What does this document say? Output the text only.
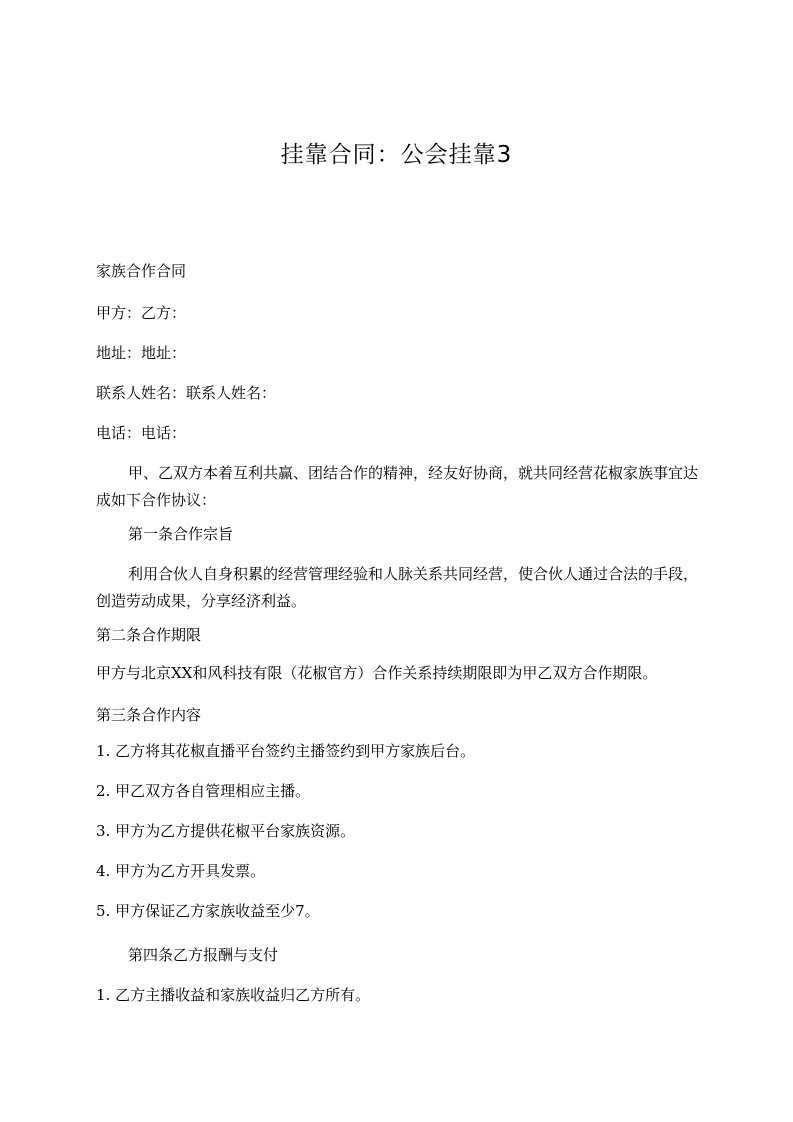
挂靠合同：公会挂靠3

家族合作合同

甲方：乙方：

地址：地址：

联系人姓名：联系人姓名：

电话：电话：

甲、乙双方本着互利共赢、团结合作的精神，经友好协商，就共同经营花椒家族事宜达成如下合作协议：

第一条合作宗旨

利用合伙人自身积累的经营管理经验和人脉关系共同经营，使合伙人通过合法的手段，创造劳动成果，分享经济利益。

第二条合作期限

甲方与北京XX和风科技有限（花椒官方）合作关系持续期限即为甲乙双方合作期限。

第三条合作内容

1. 乙方将其花椒直播平台签约主播签约到甲方家族后台。

2. 甲乙双方各自管理相应主播。

3. 甲方为乙方提供花椒平台家族资源。

4. 甲方为乙方开具发票。

5. 甲方保证乙方家族收益至少7。

第四条乙方报酬与支付

1. 乙方主播收益和家族收益归乙方所有。
